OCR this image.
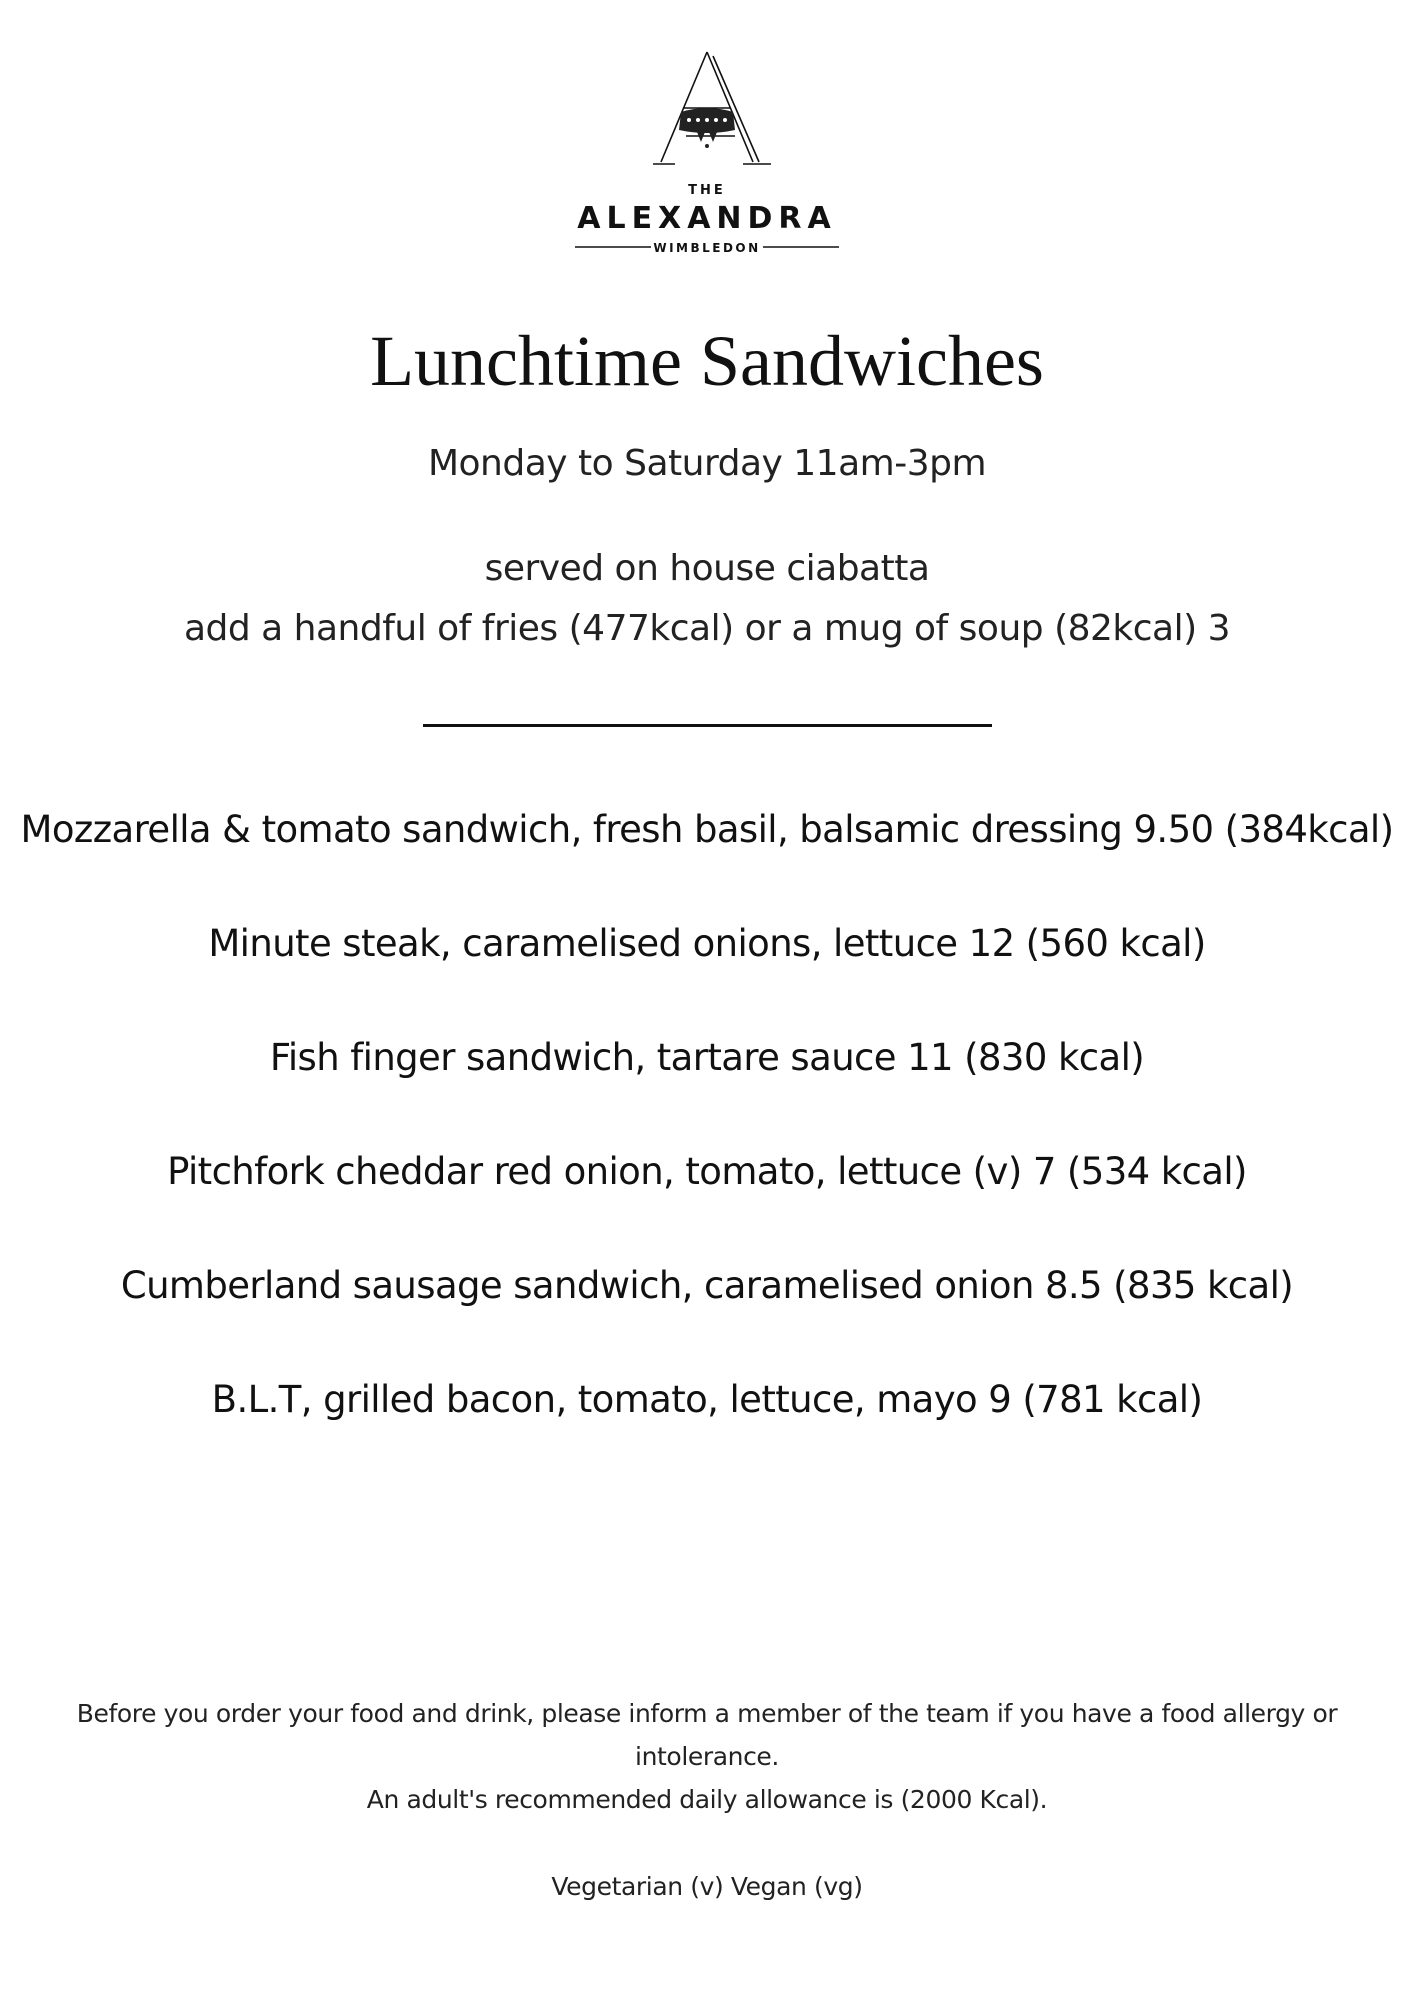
THE
ALEXANDRA
WIMBLEDON
Lunchtime Sandwiches
Monday to Saturday 11am-3pm
served on house ciabatta
add a handful of fries (477kcal) or a mug of soup (82kcal) 3
Mozzarella & tomato sandwich, fresh basil, balsamic dressing 9.50 (384kcal)
Minute steak, caramelised onions, lettuce 12 (560 kcal)
Fish finger sandwich, tartare sauce 11 (830 kcal)
Pitchfork cheddar red onion, tomato, lettuce (v) 7 (534 kcal)
Cumberland sausage sandwich, caramelised onion 8.5 (835 kcal)
B.L.T, grilled bacon, tomato, lettuce, mayo 9 (781 kcal)
Before you order your food and drink, please inform a member of the team if you have a food allergy or
intolerance.
An adult's recommended daily allowance is (2000 Kcal).
Vegetarian (v) Vegan (vg)
